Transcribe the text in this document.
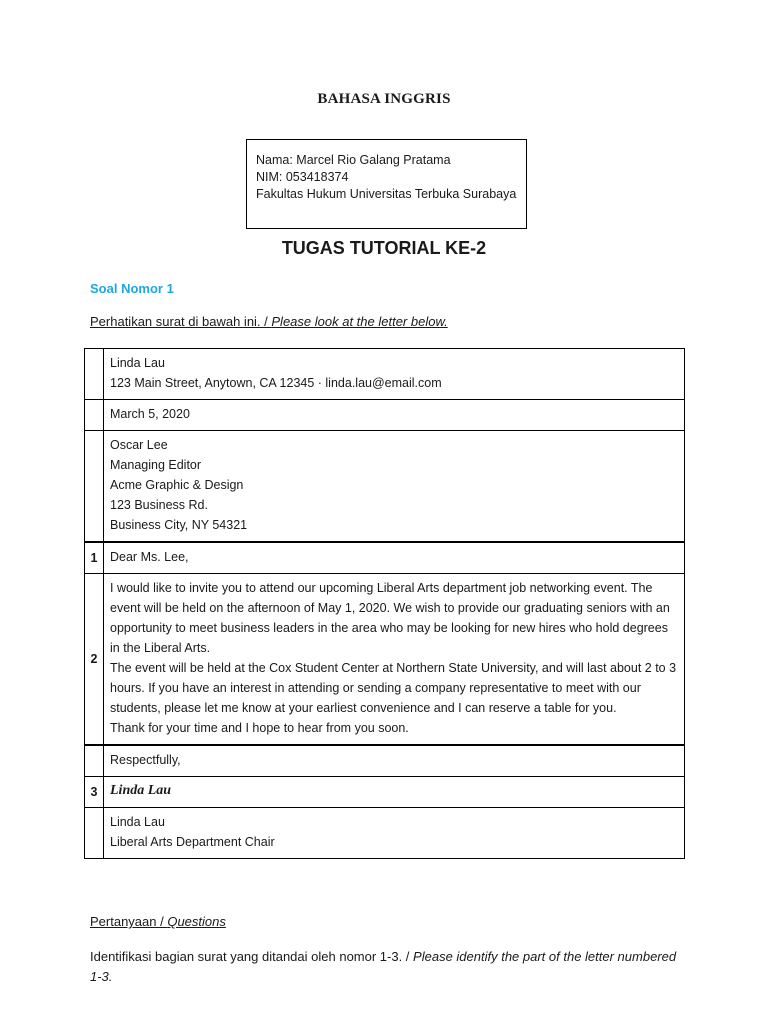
BAHASA INGGRIS
Nama: Marcel Rio Galang Pratama
NIM: 053418374
Fakultas Hukum Universitas Terbuka Surabaya
TUGAS TUTORIAL KE-2
Soal Nomor 1
Perhatikan surat di bawah ini. / Please look at the letter below.

	Linda Lau
123 Main Street, Anytown, CA 12345 · linda.lau@email.com

	March 5, 2020

	Oscar Lee
Managing Editor
Acme Graphic & Design
123 Business Rd.
Business City, NY 54321

1	Dear Ms. Lee,

2	I would like to invite you to attend our upcoming Liberal Arts department job networking event. The event will be held on the afternoon of May 1, 2020. We wish to provide our graduating seniors with an opportunity to meet business leaders in the area who may be looking for new hires who hold degrees in the Liberal Arts.
The event will be held at the Cox Student Center at Northern State University, and will last about 2 to 3 hours. If you have an interest in attending or sending a company representative to meet with our students, please let me know at your earliest convenience and I can reserve a table for you.
Thank for your time and I hope to hear from you soon.

	Respectfully,

3	Linda Lau

	Linda Lau
Liberal Arts Department Chair
Pertanyaan / Questions
Identifikasi bagian surat yang ditandai oleh nomor 1-3. / Please identify the part of the letter numbered 1-3.
